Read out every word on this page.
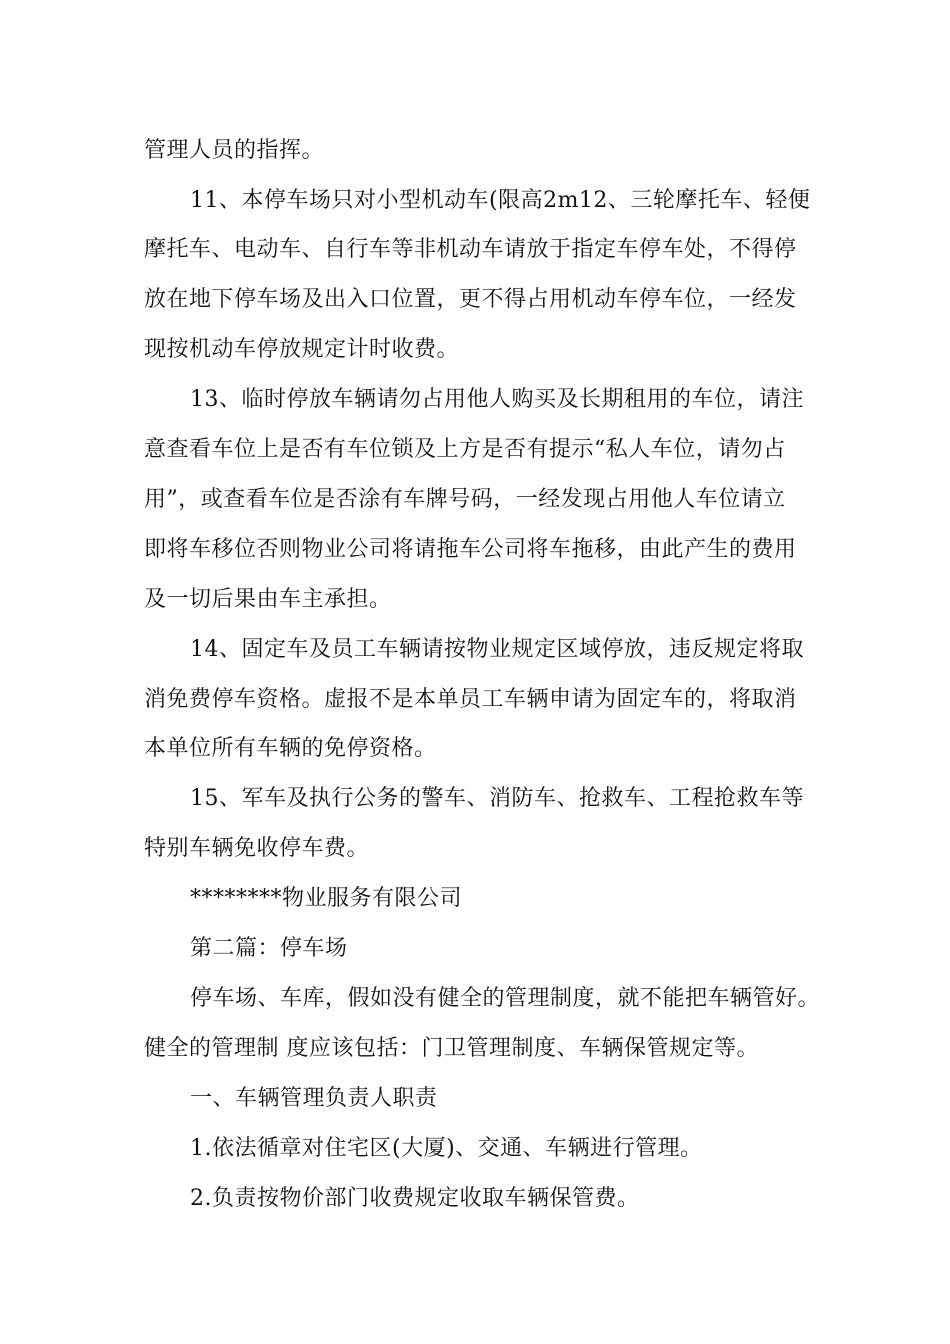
管理人员的指挥。
11、本停车场只对小型机动车(限高2m12、三轮摩托车、轻便
摩托车、电动车、自行车等非机动车请放于指定车停车处，不得停
放在地下停车场及出入口位置，更不得占用机动车停车位，一经发
现按机动车停放规定计时收费。
13、临时停放车辆请勿占用他人购买及长期租用的车位，请注
意查看车位上是否有车位锁及上方是否有提示“私人车位，请勿占
用”，或查看车位是否涂有车牌号码，一经发现占用他人车位请立
即将车移位否则物业公司将请拖车公司将车拖移，由此产生的费用
及一切后果由车主承担。
14、固定车及员工车辆请按物业规定区域停放，违反规定将取
消免费停车资格。虚报不是本单员工车辆申请为固定车的，将取消
本单位所有车辆的免停资格。
15、军车及执行公务的警车、消防车、抢救车、工程抢救车等
特别车辆免收停车费。
********物业服务有限公司
第二篇：停车场
停车场、车库，假如没有健全的管理制度，就不能把车辆管好。
健全的管理制 度应该包括：门卫管理制度、车辆保管规定等。
一、车辆管理负责人职责
1.依法循章对住宅区(大厦)、交通、车辆进行管理。
2.负责按物价部门收费规定收取车辆保管费。
